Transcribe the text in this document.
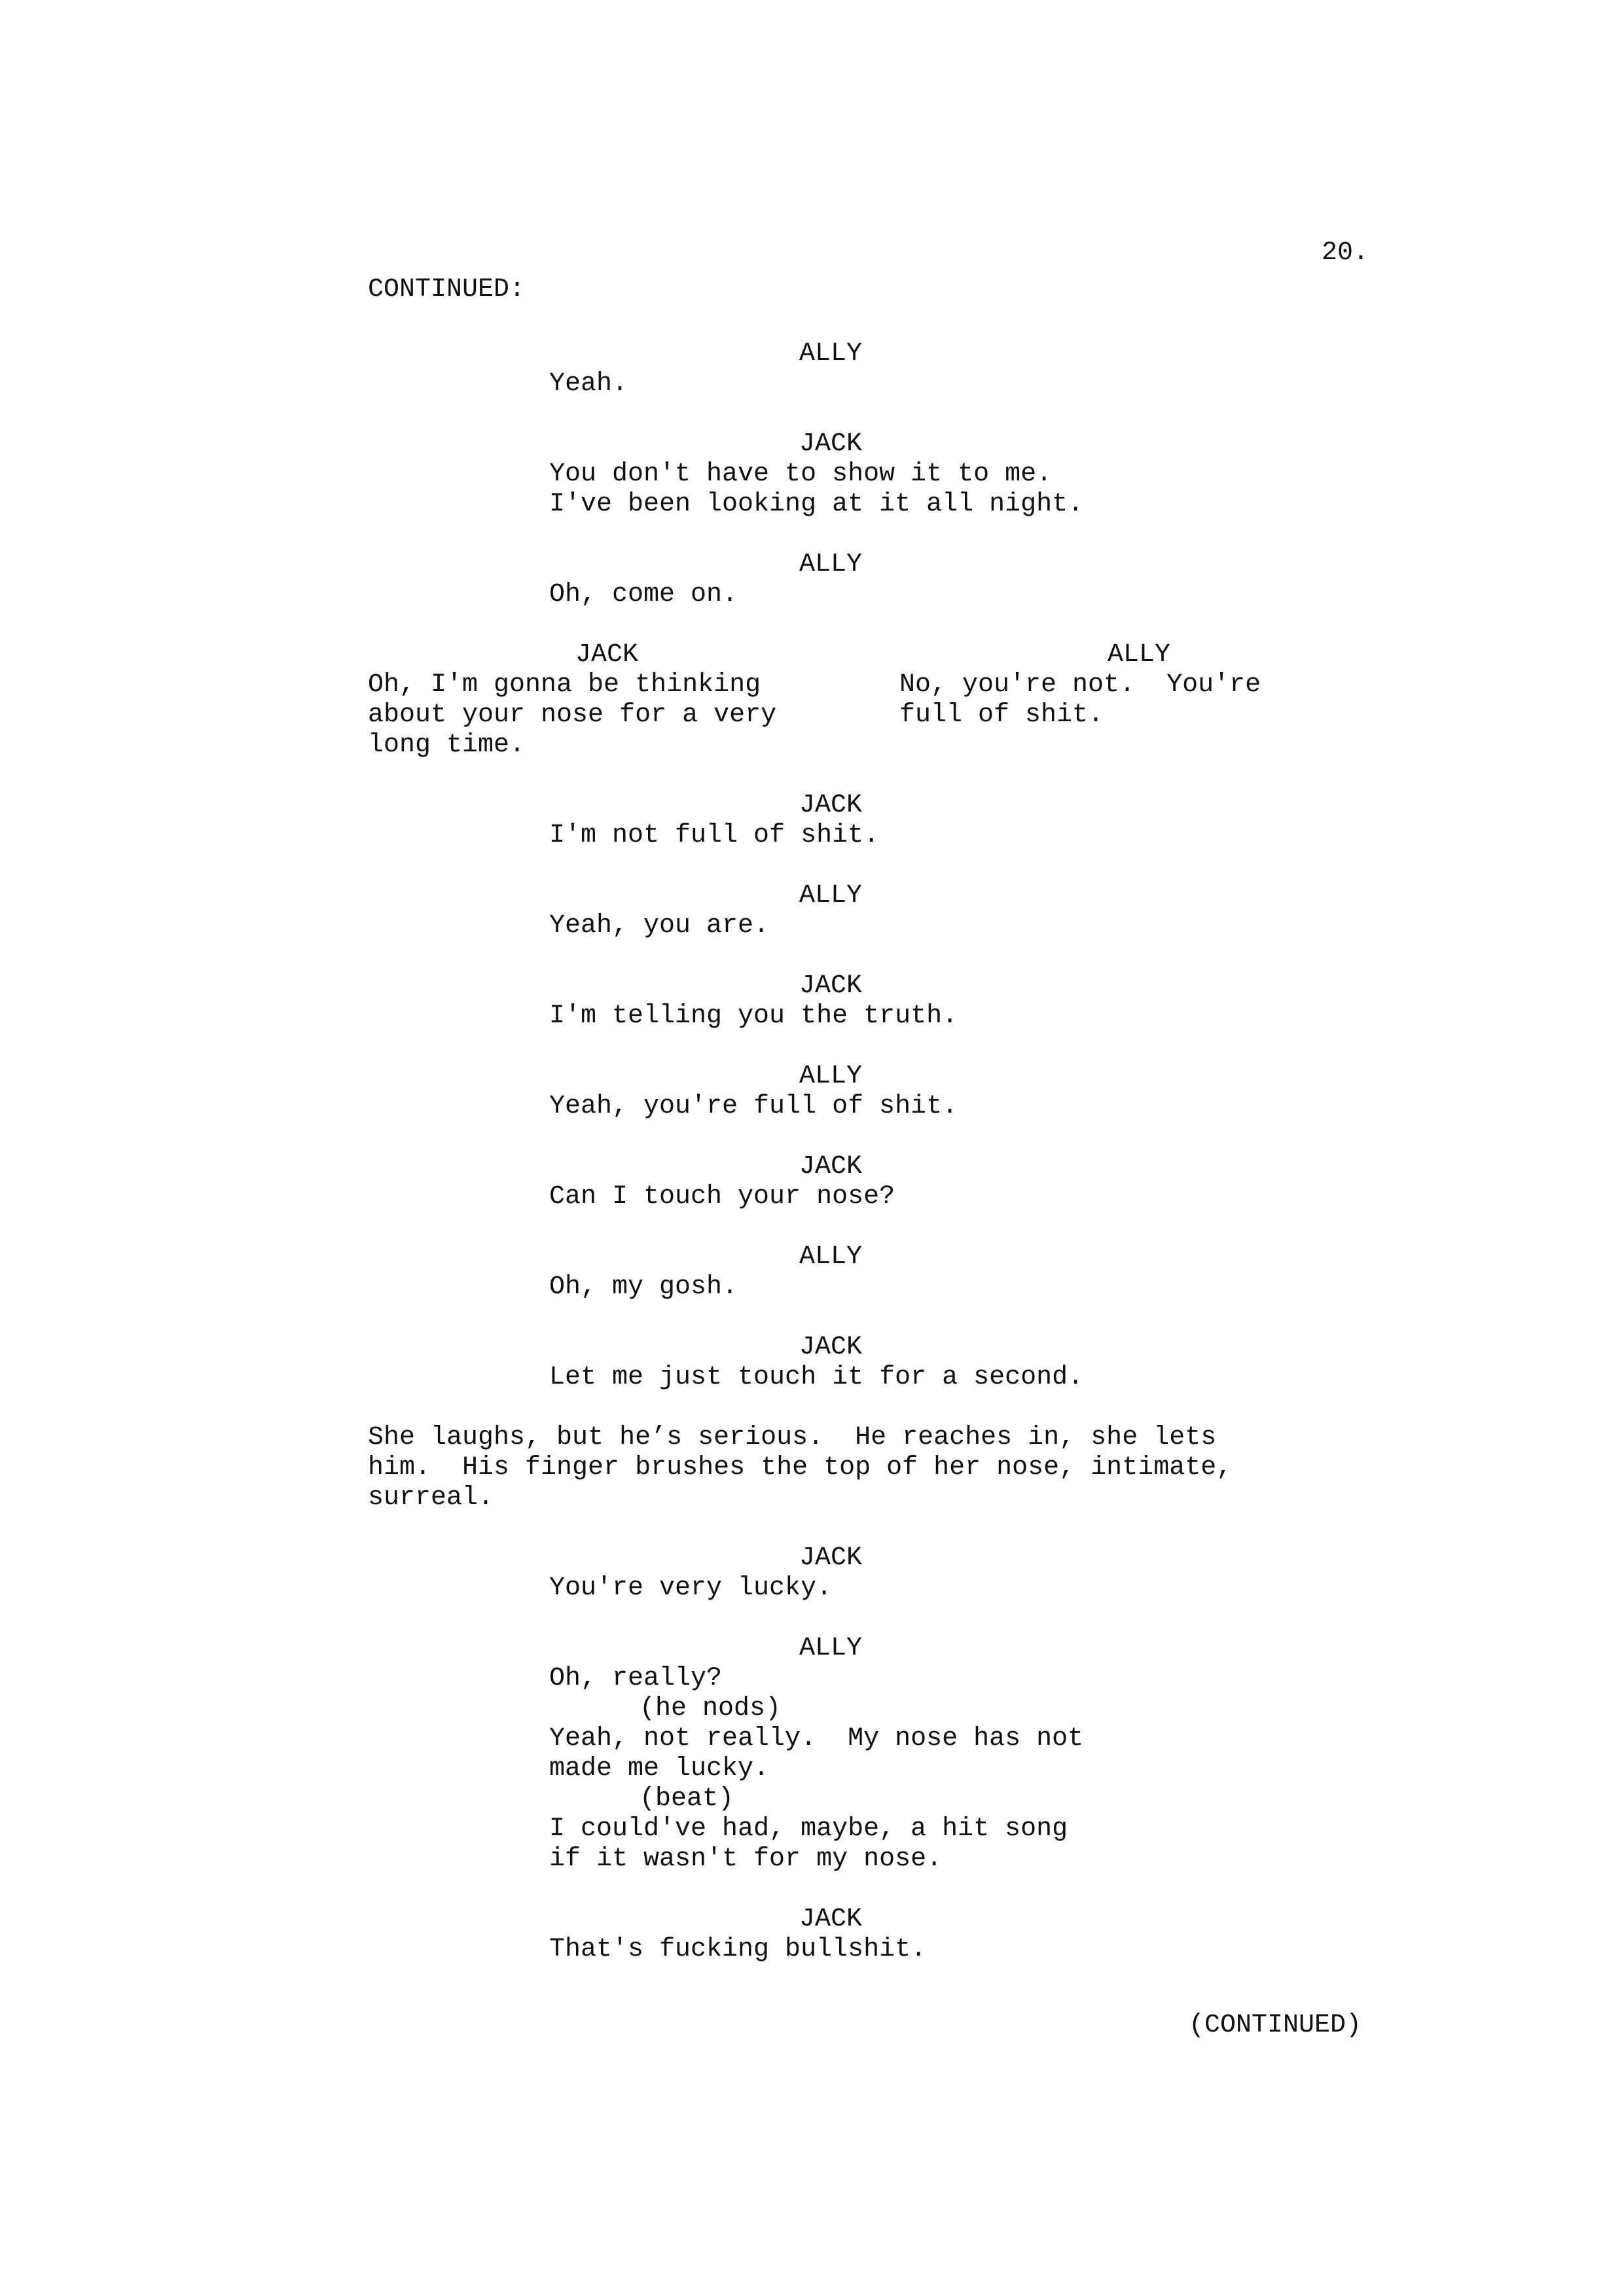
20.

CONTINUED:

ALLY

Yeah.

JACK

You don't have to show it to me.

I've been looking at it all night.

ALLY

Oh, come on.

JACK

Oh, I'm gonna be thinking

about your nose for a very

long time.

ALLY

No, you're not.  You're

full of shit.

JACK

I'm not full of shit.

ALLY

Yeah, you are.

JACK

I'm telling you the truth.

ALLY

Yeah, you're full of shit.

JACK

Can I touch your nose?

ALLY

Oh, my gosh.

JACK

Let me just touch it for a second.

She laughs, but he’s serious.  He reaches in, she lets

him.  His finger brushes the top of her nose, intimate,

surreal.

JACK

You're very lucky.

ALLY

Oh, really?

(he nods)

Yeah, not really.  My nose has not

made me lucky.

(beat)

I could've had, maybe, a hit song

if it wasn't for my nose.

JACK

That's fucking bullshit.

(CONTINUED)
